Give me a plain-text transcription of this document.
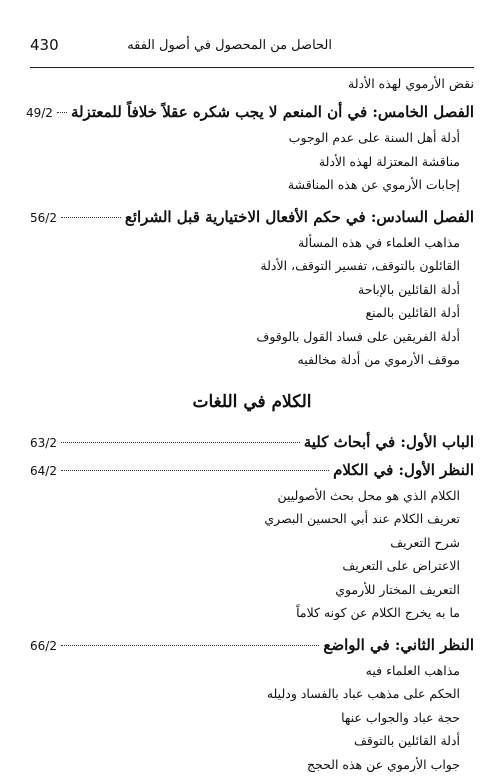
430	الحاصل من المحصول في أصول الفقه
نقض الأرموي لهذه الأدلة
الفصل الخامس: في أن المنعم لا يجب شكره عقلاً خلافاً للمعتزلة
49/2
أدلة أهل السنة على عدم الوجوب
مناقشة المعتزلة لهذه الأدلة
إجابات الأرموي عن هذه المناقشة
الفصل السادس: في حكم الأفعال الاختيارية قبل الشرائع
56/2
مذاهب العلماء في هذه المسألة
القائلون بالتوقف، تفسير التوقف، الأدلة
أدلة القائلين بالإباحة
أدلة القائلين بالمنع
أدلة الفريقين على فساد القول بالوقوف
موقف الأرموي من أدلة مخالفيه
الكلام في اللغات
الباب الأول: في أبحاث كلية
63/2
النظر الأول: في الكلام
64/2
الكلام الذي هو محل بحث الأصوليين
تعريف الكلام عند أبي الحسين البصري
شرح التعريف
الاعتراض على التعريف
التعريف المختار للأرموي
ما به يخرج الكلام عن كونه كلاماً
النظر الثاني: في الواضع
66/2
مذاهب العلماء فيه
الحكم على مذهب عباد بالفساد ودليله
حجة عباد والجواب عنها
أدلة القائلين بالتوقف
جواب الأرموي عن هذه الحجج
